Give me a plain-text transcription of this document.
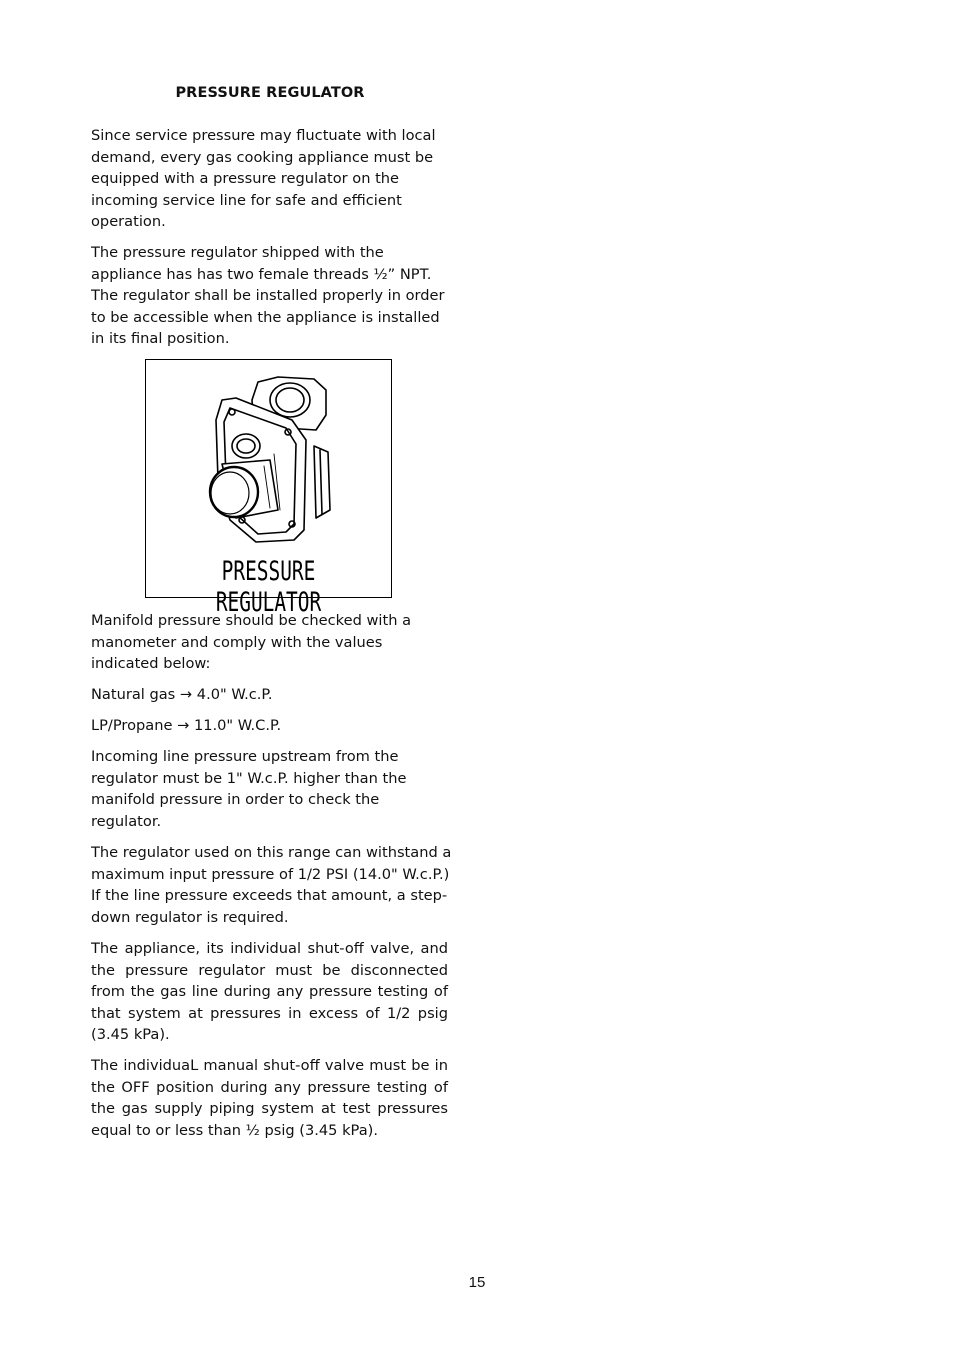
PRESSURE REGULATOR

Since service pressure may fluctuate with local demand, every gas cooking appliance must be equipped with a pressure regulator on the incoming service line for safe and efficient operation.

The pressure regulator shipped with the appliance has has two female threads ½” NPT. The regulator shall be installed properly in order to be accessible when the appliance is installed in its final position.

PRESSURE REGULATOR

Manifold pressure should be checked with a manometer and comply with the values indicated below:

Natural gas → 4.0" W.c.P.

LP/Propane → 11.0" W.C.P.

Incoming line pressure upstream from the regulator must be 1" W.c.P. higher than the manifold pressure in order to check the regulator.

The regulator used on this range can withstand a maximum input pressure of 1/2 PSI (14.0" W.c.P.) If the line pressure exceeds that amount, a step-down regulator is required.

The appliance, its individual shut-off valve, and the pressure regulator must be disconnected from the gas line during any pressure testing of that system at pressures in excess of 1/2 psig (3.45 kPa).

The individuaL manual shut-off valve must be in the OFF position during any pressure testing of the gas supply piping system at test pressures equal to or less than ½ psig (3.45 kPa).

15
